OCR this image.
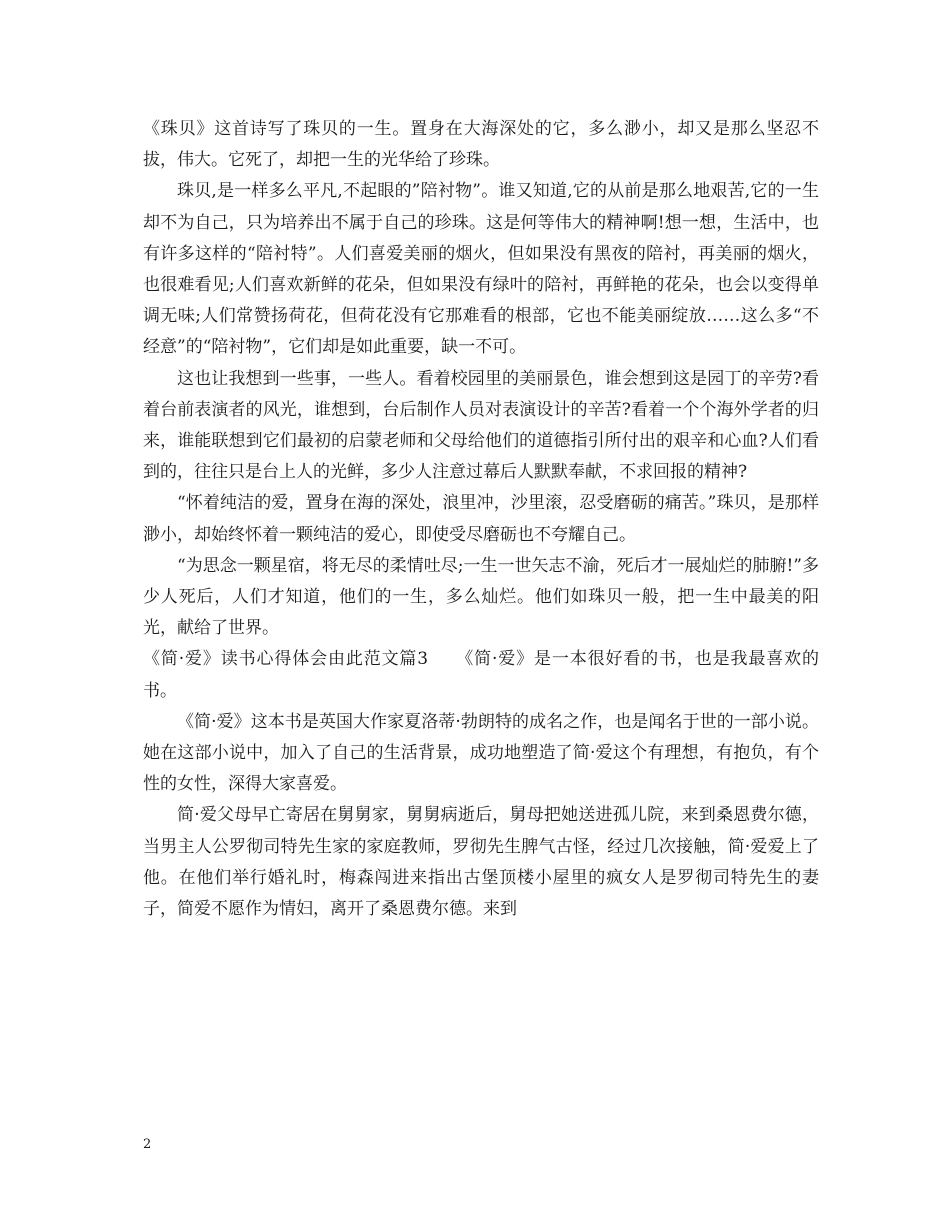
《珠贝》这首诗写了珠贝的一生。置身在大海深处的它，多么渺小，却又是那么坚忍不拔，伟大。它死了，却把一生的光华给了珍珠。

珠贝,是一样多么平凡,不起眼的”陪衬物”。谁又知道,它的从前是那么地艰苦,它的一生却不为自己，只为培养出不属于自己的珍珠。这是何等伟大的精神啊!想一想，生活中，也有许多这样的“陪衬特”。人们喜爱美丽的烟火，但如果没有黑夜的陪衬，再美丽的烟火，也很难看见;人们喜欢新鲜的花朵，但如果没有绿叶的陪衬，再鲜艳的花朵，也会以变得单调无味;人们常赞扬荷花，但荷花没有它那难看的根部，它也不能美丽绽放……这么多“不经意”的“陪衬物”，它们却是如此重要，缺一不可。

这也让我想到一些事，一些人。看着校园里的美丽景色，谁会想到这是园丁的辛劳?看着台前表演者的风光，谁想到，台后制作人员对表演设计的辛苦?看着一个个海外学者的归来，谁能联想到它们最初的启蒙老师和父母给他们的道德指引所付出的艰辛和心血?人们看到的，往往只是台上人的光鲜，多少人注意过幕后人默默奉献，不求回报的精神?

“怀着纯洁的爱，置身在海的深处，浪里冲，沙里滚，忍受磨砺的痛苦。”珠贝，是那样渺小，却始终怀着一颗纯洁的爱心，即使受尽磨砺也不夸耀自己。

“为思念一颗星宿，将无尽的柔情吐尽;一生一世矢志不渝，死后才一展灿烂的肺腑!”多少人死后，人们才知道，他们的一生，多么灿烂。他们如珠贝一般，把一生中最美的阳光，献给了世界。

《简·爱》读书心得体会由此范文篇3　　《简·爱》是一本很好看的书，也是我最喜欢的书。

《简·爱》这本书是英国大作家夏洛蒂·勃朗特的成名之作，也是闻名于世的一部小说。她在这部小说中，加入了自己的生活背景，成功地塑造了简·爱这个有理想，有抱负，有个性的女性，深得大家喜爱。

简·爱父母早亡寄居在舅舅家，舅舅病逝后，舅母把她送进孤儿院，来到桑恩费尔德，当男主人公罗彻司特先生家的家庭教师，罗彻先生脾气古怪，经过几次接触，简·爱爱上了他。在他们举行婚礼时，梅森闯进来指出古堡顶楼小屋里的疯女人是罗彻司特先生的妻子，简爱不愿作为情妇，离开了桑恩费尔德。来到

2
